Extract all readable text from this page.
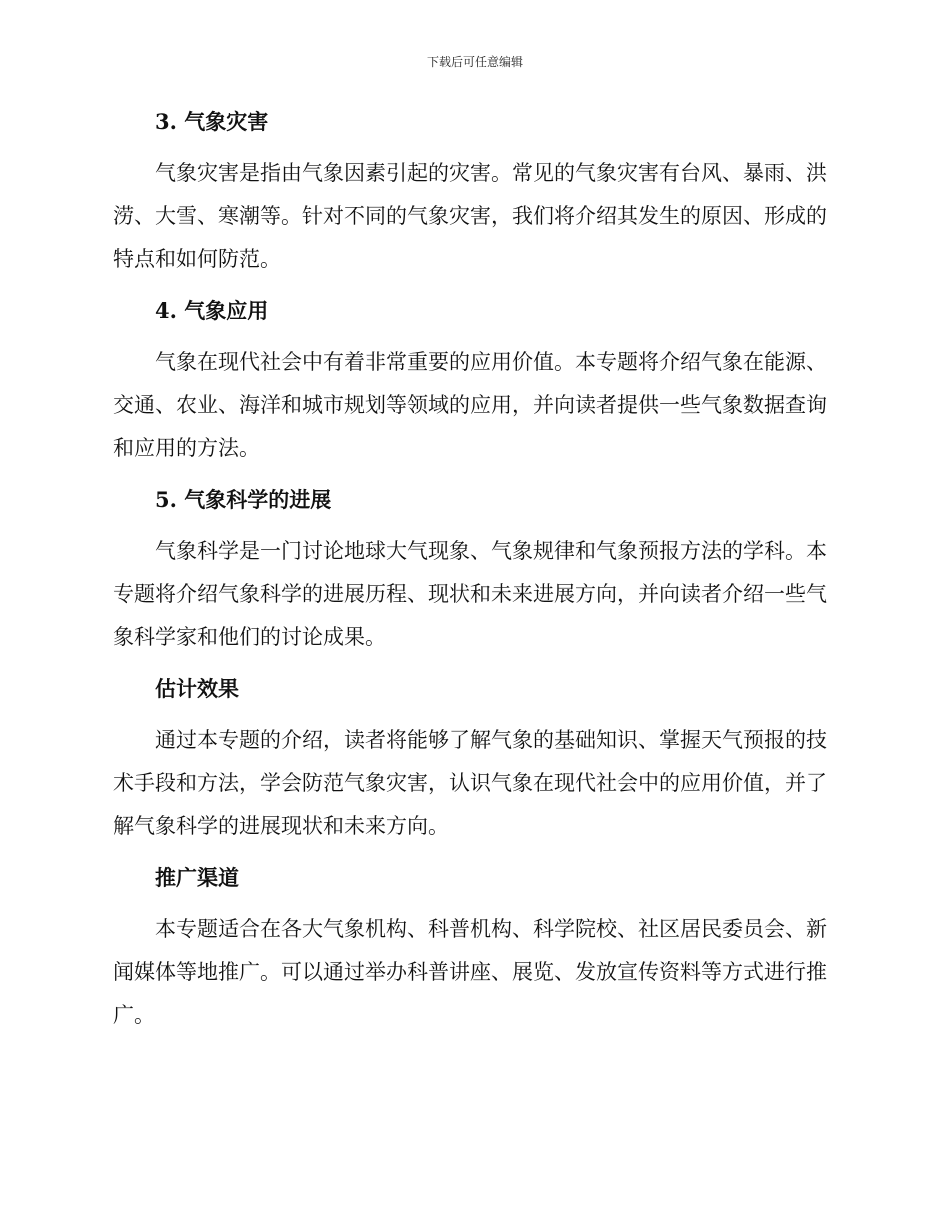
下载后可任意编辑
3. 气象灾害

气象灾害是指由气象因素引起的灾害。常见的气象灾害有台风、暴雨、洪涝、大雪、寒潮等。针对不同的气象灾害，我们将介绍其发生的原因、形成的特点和如何防范。

4. 气象应用

气象在现代社会中有着非常重要的应用价值。本专题将介绍气象在能源、交通、农业、海洋和城市规划等领域的应用，并向读者提供一些气象数据查询和应用的方法。

5. 气象科学的进展

气象科学是一门讨论地球大气现象、气象规律和气象预报方法的学科。本专题将介绍气象科学的进展历程、现状和未来进展方向，并向读者介绍一些气象科学家和他们的讨论成果。

估计效果

通过本专题的介绍，读者将能够了解气象的基础知识、掌握天气预报的技术手段和方法，学会防范气象灾害，认识气象在现代社会中的应用价值，并了解气象科学的进展现状和未来方向。

推广渠道

本专题适合在各大气象机构、科普机构、科学院校、社区居民委员会、新闻媒体等地推广。可以通过举办科普讲座、展览、发放宣传资料等方式进行推广。
